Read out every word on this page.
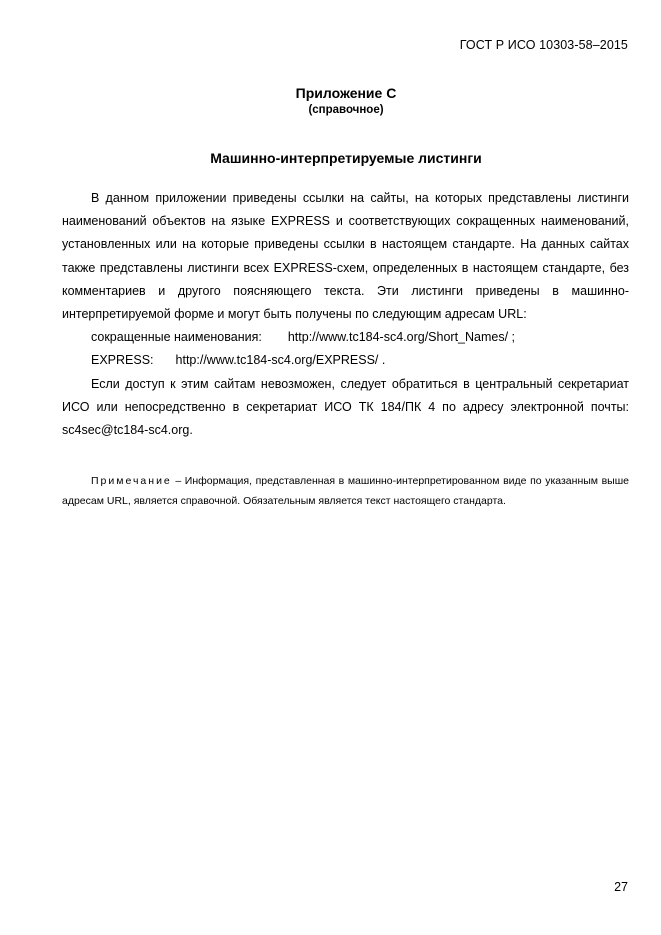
ГОСТ Р ИСО 10303-58–2015
Приложение С
(справочное)
Машинно-интерпретируемые листинги

В данном приложении приведены ссылки на сайты, на которых представлены листинги наименований объектов на языке EXPRESS и соответствующих сокращенных наименований, установленных или на которые приведены ссылки в настоящем стандарте. На данных сайтах также представлены листинги всех EXPRESS-схем, определенных в настоящем стандарте, без комментариев и другого поясняющего текста. Эти листинги приведены в машинно-интерпретируемой форме и могут быть получены по следующим адресам URL:

сокращенные наименования: http://www.tc184-sc4.org/Short_Names/ ;
EXPRESS: http://www.tc184-sc4.org/EXPRESS/ .

Если доступ к этим сайтам невозможен, следует обратиться в центральный секретариат ИСО или непосредственно в секретариат ИСО ТК 184/ПК 4 по адресу электронной почты: sc4sec@tc184-sc4.org.

Примечание – Информация, представленная в машинно-интерпретированном виде по указанным выше адресам URL, является справочной. Обязательным является текст настоящего стандарта.
27
